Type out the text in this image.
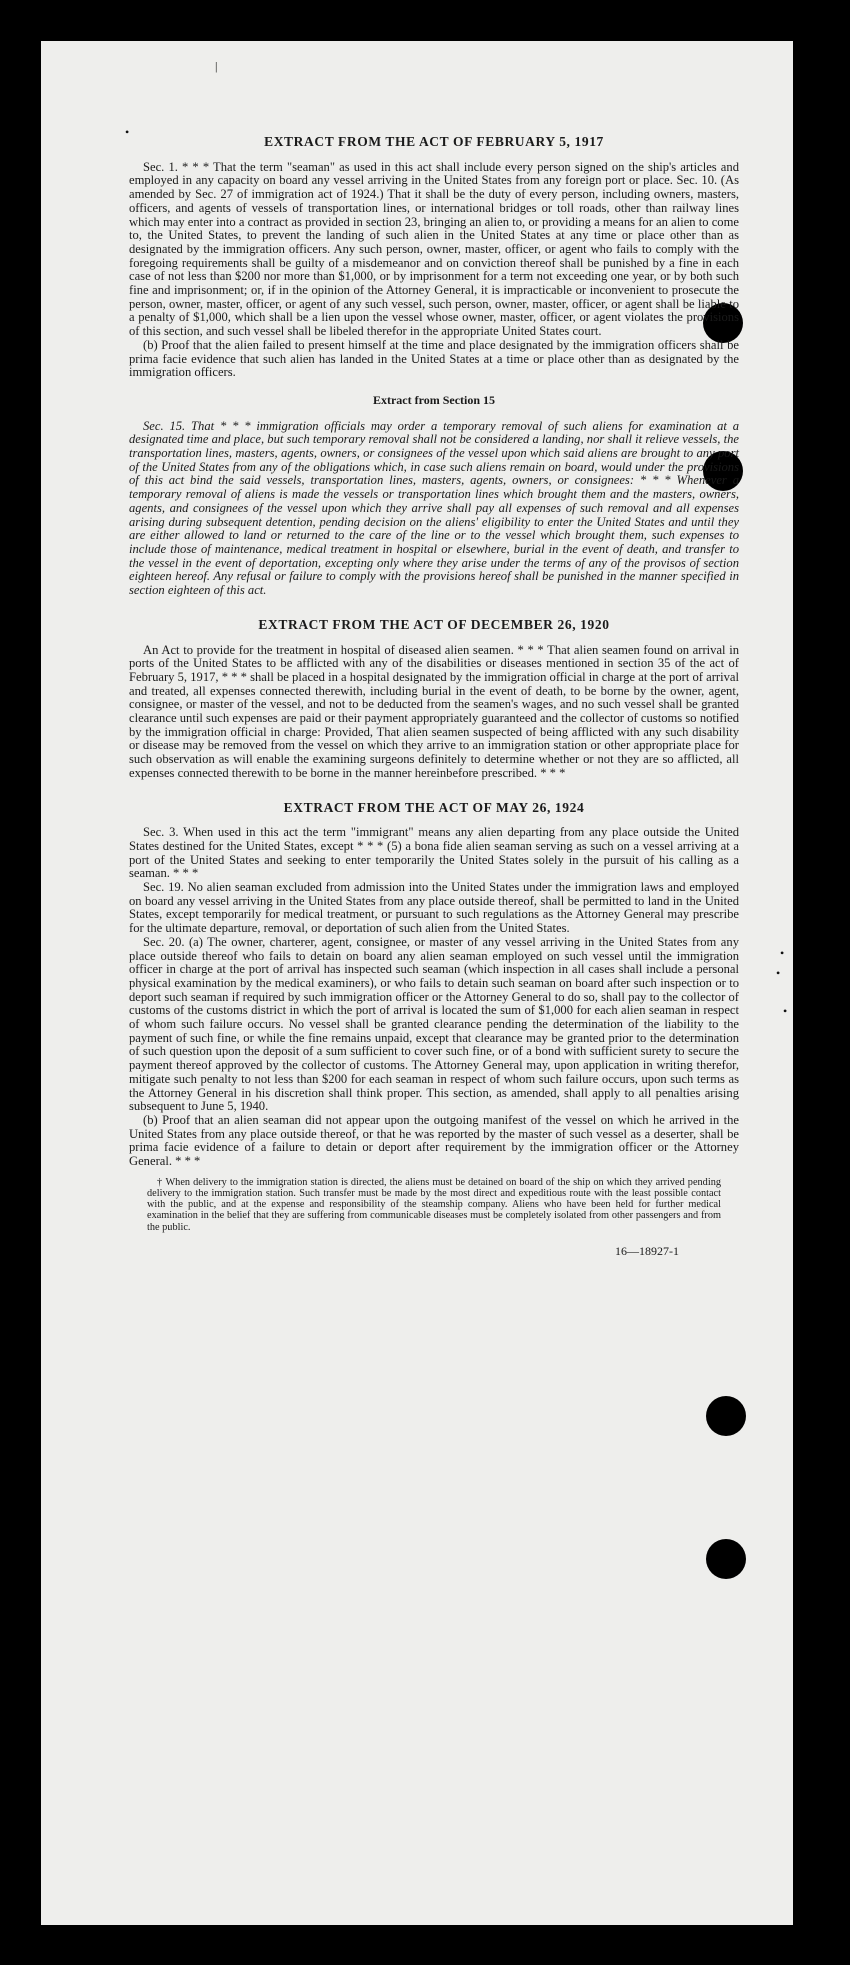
|
•
•
•
•
EXTRACT FROM THE ACT OF FEBRUARY 5, 1917

Sec. 1. * * * That the term "seaman" as used in this act shall include every person signed on the ship's articles and employed in any capacity on board any vessel arriving in the United States from any foreign port or place. Sec. 10. (As amended by Sec. 27 of immigration act of 1924.) That it shall be the duty of every person, including owners, masters, officers, and agents of vessels of transportation lines, or international bridges or toll roads, other than railway lines which may enter into a contract as provided in section 23, bringing an alien to, or providing a means for an alien to come to, the United States, to prevent the landing of such alien in the United States at any time or place other than as designated by the immigration officers. Any such person, owner, master, officer, or agent who fails to comply with the foregoing requirements shall be guilty of a misdemeanor and on conviction thereof shall be punished by a fine in each case of not less than $200 nor more than $1,000, or by imprisonment for a term not exceeding one year, or by both such fine and imprisonment; or, if in the opinion of the Attorney General, it is impracticable or inconvenient to prosecute the person, owner, master, officer, or agent of any such vessel, such person, owner, master, officer, or agent shall be liable to a penalty of $1,000, which shall be a lien upon the vessel whose owner, master, officer, or agent violates the provisions of this section, and such vessel shall be libeled therefor in the appropriate United States court.

(b) Proof that the alien failed to present himself at the time and place designated by the immigration officers shall be prima facie evidence that such alien has landed in the United States at a time or place other than as designated by the immigration officers.

Extract from Section 15

Sec. 15. That * * * immigration officials may order a temporary removal of such aliens for examination at a designated time and place, but such temporary removal shall not be considered a landing, nor shall it relieve vessels, the transportation lines, masters, agents, owners, or consignees of the vessel upon which said aliens are brought to any port of the United States from any of the obligations which, in case such aliens remain on board, would under the provisions of this act bind the said vessels, transportation lines, masters, agents, owners, or consignees: * * * Whenever a temporary removal of aliens is made the vessels or transportation lines which brought them and the masters, owners, agents, and consignees of the vessel upon which they arrive shall pay all expenses of such removal and all expenses arising during subsequent detention, pending decision on the aliens' eligibility to enter the United States and until they are either allowed to land or returned to the care of the line or to the vessel which brought them, such expenses to include those of maintenance, medical treatment in hospital or elsewhere, burial in the event of death, and transfer to the vessel in the event of deportation, excepting only where they arise under the terms of any of the provisos of section eighteen hereof. Any refusal or failure to comply with the provisions hereof shall be punished in the manner specified in section eighteen of this act.

EXTRACT FROM THE ACT OF DECEMBER 26, 1920

An Act to provide for the treatment in hospital of diseased alien seamen. * * * That alien seamen found on arrival in ports of the United States to be afflicted with any of the disabilities or diseases mentioned in section 35 of the act of February 5, 1917, * * * shall be placed in a hospital designated by the immigration official in charge at the port of arrival and treated, all expenses connected therewith, including burial in the event of death, to be borne by the owner, agent, consignee, or master of the vessel, and not to be deducted from the seamen's wages, and no such vessel shall be granted clearance until such expenses are paid or their payment appropriately guaranteed and the collector of customs so notified by the immigration official in charge: Provided, That alien seamen suspected of being afflicted with any such disability or disease may be removed from the vessel on which they arrive to an immigration station or other appropriate place for such observation as will enable the examining surgeons definitely to determine whether or not they are so afflicted, all expenses connected therewith to be borne in the manner hereinbefore prescribed. * * *

EXTRACT FROM THE ACT OF MAY 26, 1924

Sec. 3. When used in this act the term "immigrant" means any alien departing from any place outside the United States destined for the United States, except * * * (5) a bona fide alien seaman serving as such on a vessel arriving at a port of the United States and seeking to enter temporarily the United States solely in the pursuit of his calling as a seaman. * * *

Sec. 19. No alien seaman excluded from admission into the United States under the immigration laws and employed on board any vessel arriving in the United States from any place outside thereof, shall be permitted to land in the United States, except temporarily for medical treatment, or pursuant to such regulations as the Attorney General may prescribe for the ultimate departure, removal, or deportation of such alien from the United States.

Sec. 20. (a) The owner, charterer, agent, consignee, or master of any vessel arriving in the United States from any place outside thereof who fails to detain on board any alien seaman employed on such vessel until the immigration officer in charge at the port of arrival has inspected such seaman (which inspection in all cases shall include a personal physical examination by the medical examiners), or who fails to detain such seaman on board after such inspection or to deport such seaman if required by such immigration officer or the Attorney General to do so, shall pay to the collector of customs of the customs district in which the port of arrival is located the sum of $1,000 for each alien seaman in respect of whom such failure occurs. No vessel shall be granted clearance pending the determination of the liability to the payment of such fine, or while the fine remains unpaid, except that clearance may be granted prior to the determination of such question upon the deposit of a sum sufficient to cover such fine, or of a bond with sufficient surety to secure the payment thereof approved by the collector of customs. The Attorney General may, upon application in writing therefor, mitigate such penalty to not less than $200 for each seaman in respect of whom such failure occurs, upon such terms as the Attorney General in his discretion shall think proper. This section, as amended, shall apply to all penalties arising subsequent to June 5, 1940.

(b) Proof that an alien seaman did not appear upon the outgoing manifest of the vessel on which he arrived in the United States from any place outside thereof, or that he was reported by the master of such vessel as a deserter, shall be prima facie evidence of a failure to detain or deport after requirement by the immigration officer or the Attorney General. * * *

† When delivery to the immigration station is directed, the aliens must be detained on board of the ship on which they arrived pending delivery to the immigration station. Such transfer must be made by the most direct and expeditious route with the least possible contact with the public, and at the expense and responsibility of the steamship company. Aliens who have been held for further medical examination in the belief that they are suffering from communicable diseases must be completely isolated from other passengers and from the public.

16—18927-1
